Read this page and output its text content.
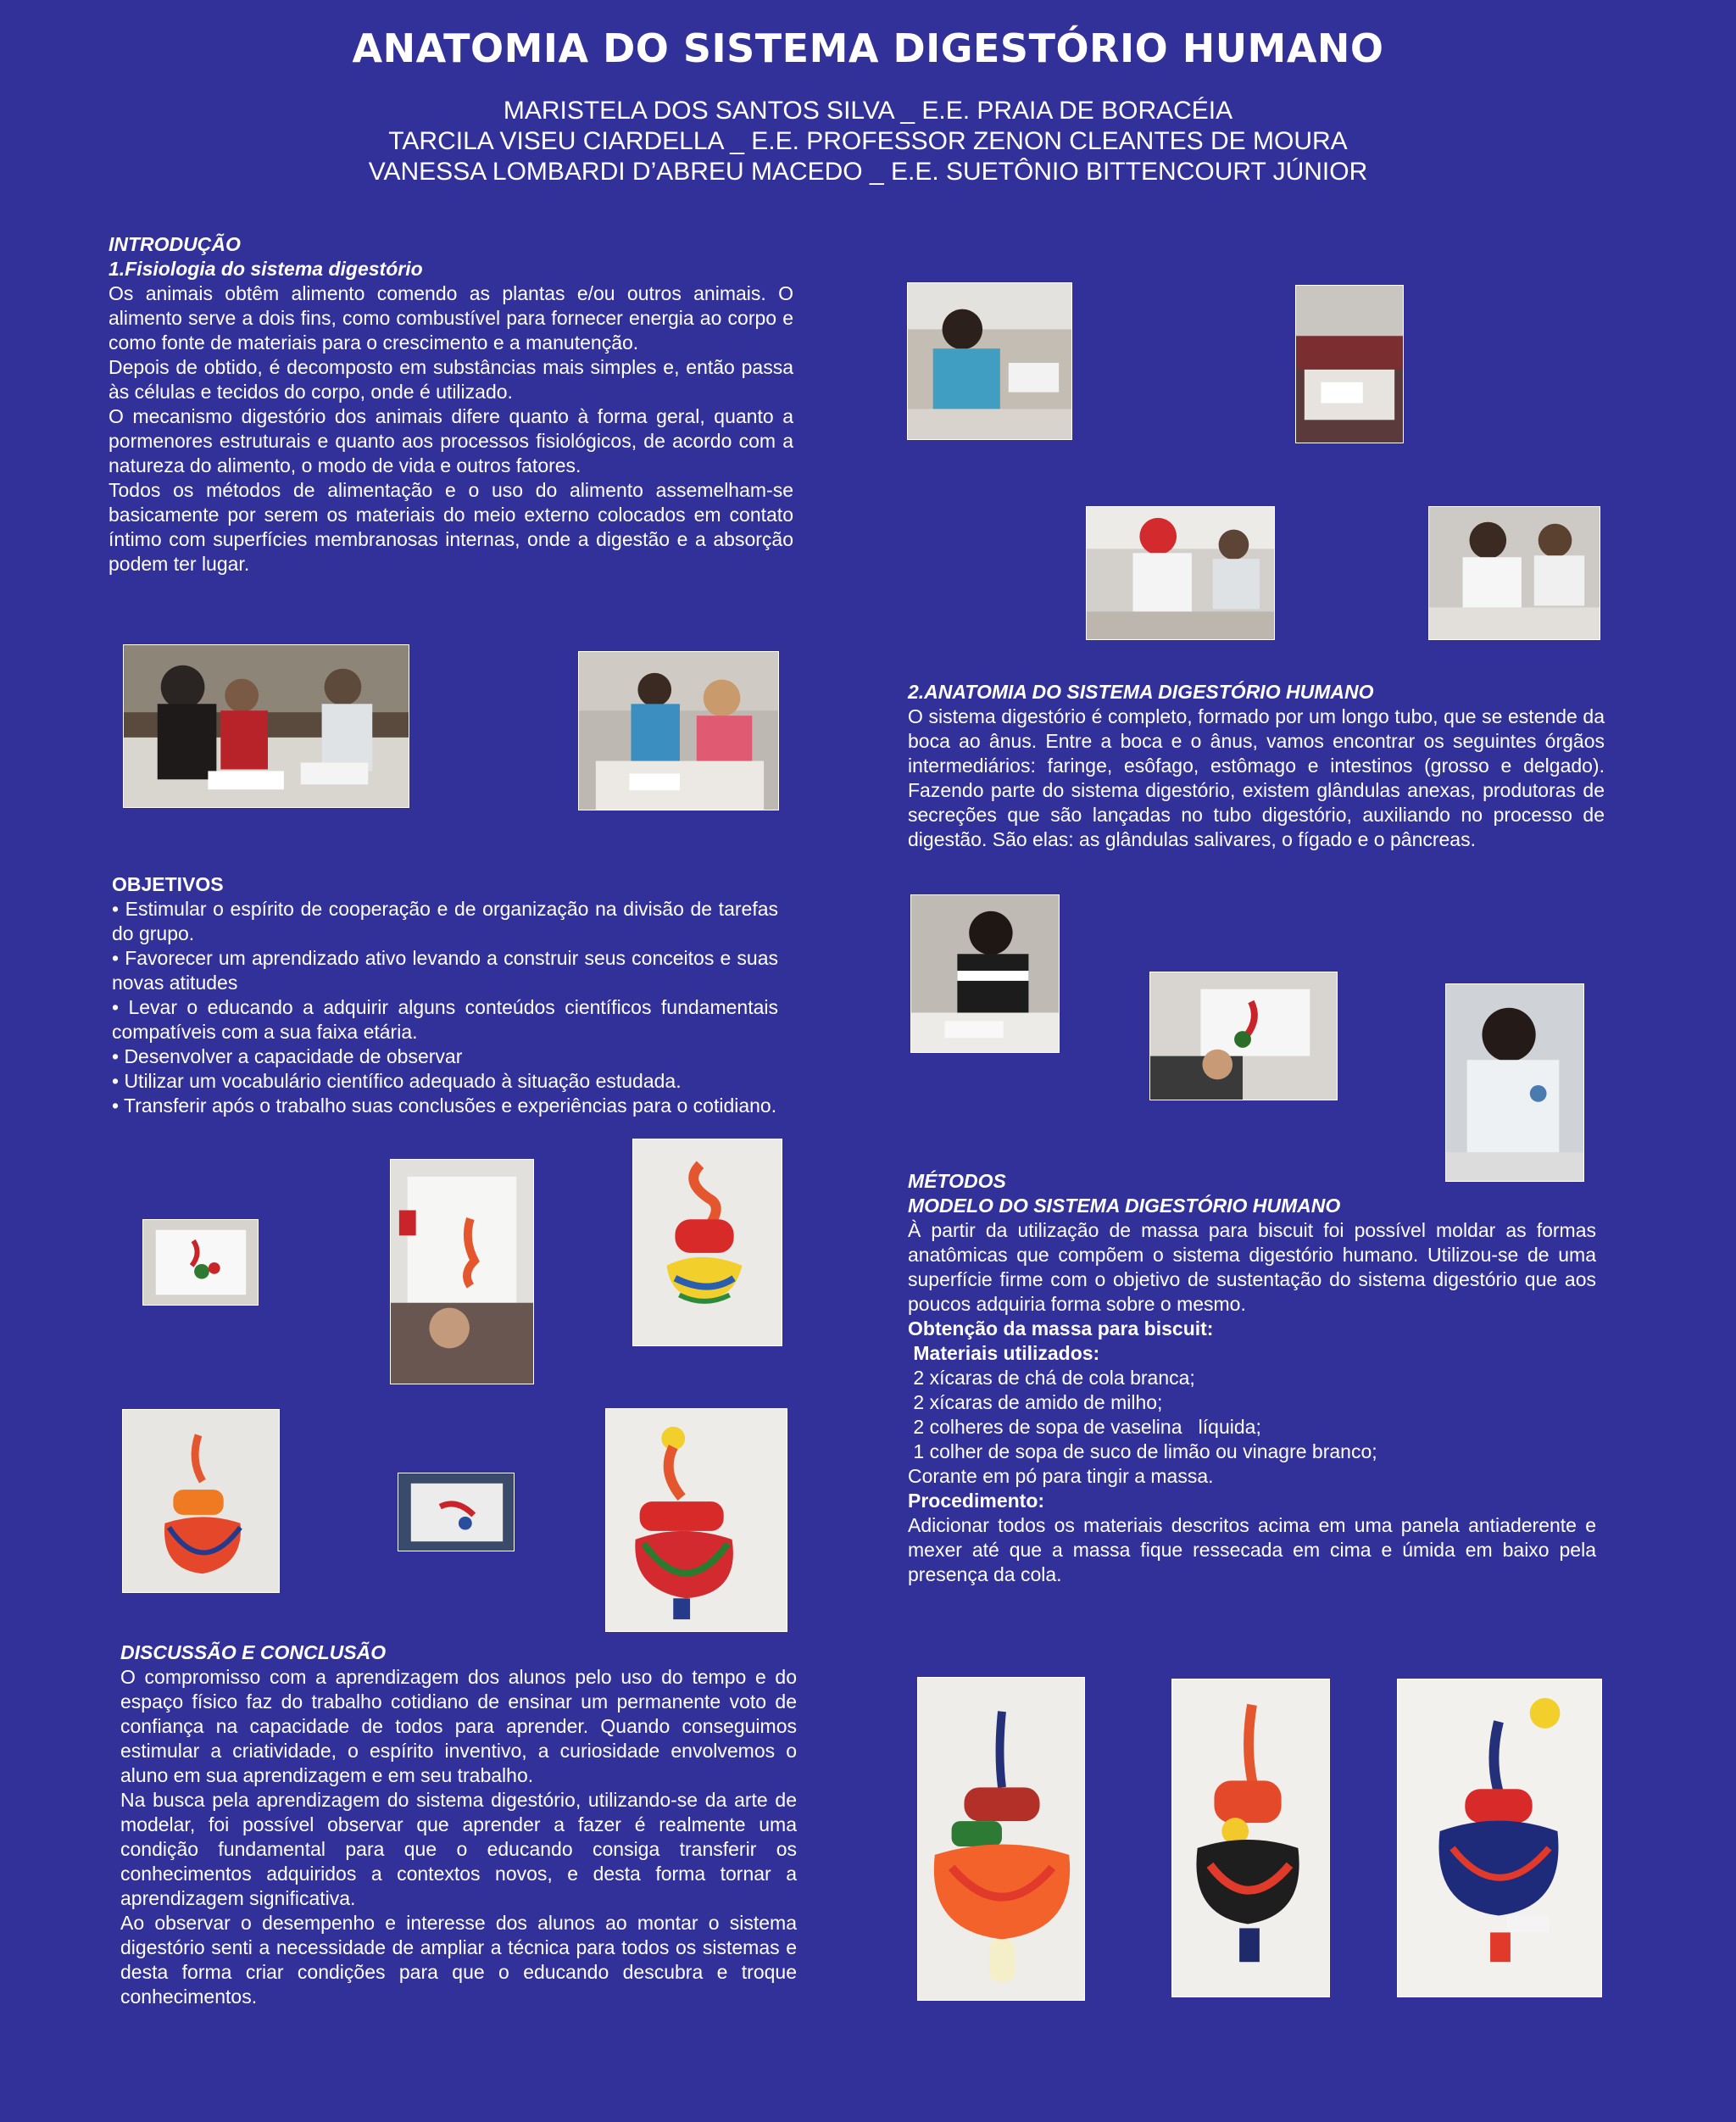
ANATOMIA DO SISTEMA DIGESTÓRIO HUMANO
MARISTELA DOS SANTOS SILVA _ E.E. PRAIA DE BORACÉIA
TARCILA VISEU CIARDELLA _ E.E. PROFESSOR ZENON CLEANTES DE MOURA
VANESSA LOMBARDI D’ABREU MACEDO _ E.E. SUETÔNIO BITTENCOURT JÚNIOR
INTRODUÇÃO
1.Fisiologia do sistema digestório

Os animais obtêm alimento comendo as plantas e/ou outros animais. O alimento serve a dois fins, como combustível para fornecer energia ao corpo e como fonte de materiais para o crescimento e a manutenção.

Depois de obtido, é decomposto em substâncias mais simples e, então passa às células e tecidos do corpo, onde é utilizado.

O mecanismo digestório dos animais difere quanto à forma geral, quanto a pormenores estruturais e quanto aos processos fisiológicos, de acordo com a natureza do alimento, o modo de vida e outros fatores.

Todos os métodos de alimentação e o uso do alimento assemelham-se basicamente por serem os materiais do meio externo colocados em contato íntimo com superfícies membranosas internas, onde a digestão e a absorção podem ter lugar.

OBJETIVOS

• Estimular o espírito de cooperação e de organização na divisão de tarefas do grupo.

• Favorecer um aprendizado ativo levando a construir seus conceitos e suas novas atitudes

• Levar o educando a adquirir alguns conteúdos científicos fundamentais compatíveis com a sua faixa etária.

• Desenvolver a capacidade de observar

• Utilizar um vocabulário científico adequado à situação estudada.

• Transferir após o trabalho suas conclusões e experiências para o cotidiano.

DISCUSSÃO E CONCLUSÃO

O compromisso com a aprendizagem dos alunos pelo uso do tempo e do espaço físico faz do trabalho cotidiano de ensinar um permanente voto de confiança na capacidade de todos para aprender. Quando conseguimos estimular a criatividade, o espírito inventivo, a curiosidade envolvemos o aluno em sua aprendizagem e em seu trabalho.

Na busca pela aprendizagem do sistema digestório, utilizando-se da arte de modelar, foi possível observar que aprender a fazer é realmente uma condição fundamental para que o educando consiga transferir os conhecimentos adquiridos a contextos novos, e desta forma tornar a aprendizagem significativa.

Ao observar o desempenho e interesse dos alunos ao montar o sistema digestório senti a necessidade de ampliar a técnica para todos os sistemas e desta forma criar condições para que o educando descubra e troque conhecimentos.

2.ANATOMIA DO SISTEMA DIGESTÓRIO HUMANO

O sistema digestório é completo, formado por um longo tubo, que se estende da boca ao ânus. Entre a boca e o ânus, vamos encontrar os seguintes órgãos intermediários: faringe, esôfago, estômago e intestinos (grosso e delgado). Fazendo parte do sistema digestório, existem glândulas anexas, produtoras de secreções que são lançadas no tubo digestório, auxiliando no processo de digestão. São elas: as glândulas salivares, o fígado e o pâncreas.

MÉTODOS
MODELO DO SISTEMA DIGESTÓRIO HUMANO

À partir da utilização de massa para biscuit foi possível moldar as formas anatômicas que compõem o sistema digestório humano. Utilizou-se de uma superfície firme com o objetivo de sustentação do sistema digestório que aos poucos adquiria forma sobre o mesmo.

Obtenção da massa para biscuit:
Materiais utilizados:
2 xícaras de chá de cola branca;
2 xícaras de amido de milho;
2 colheres de sopa de vaselina   líquida;
1 colher de sopa de suco de limão ou vinagre branco;
Corante em pó para tingir a massa.
Procedimento:

Adicionar todos os materiais descritos acima em uma panela antiaderente e mexer até que a massa fique ressecada em cima e úmida em baixo pela presença da cola.
